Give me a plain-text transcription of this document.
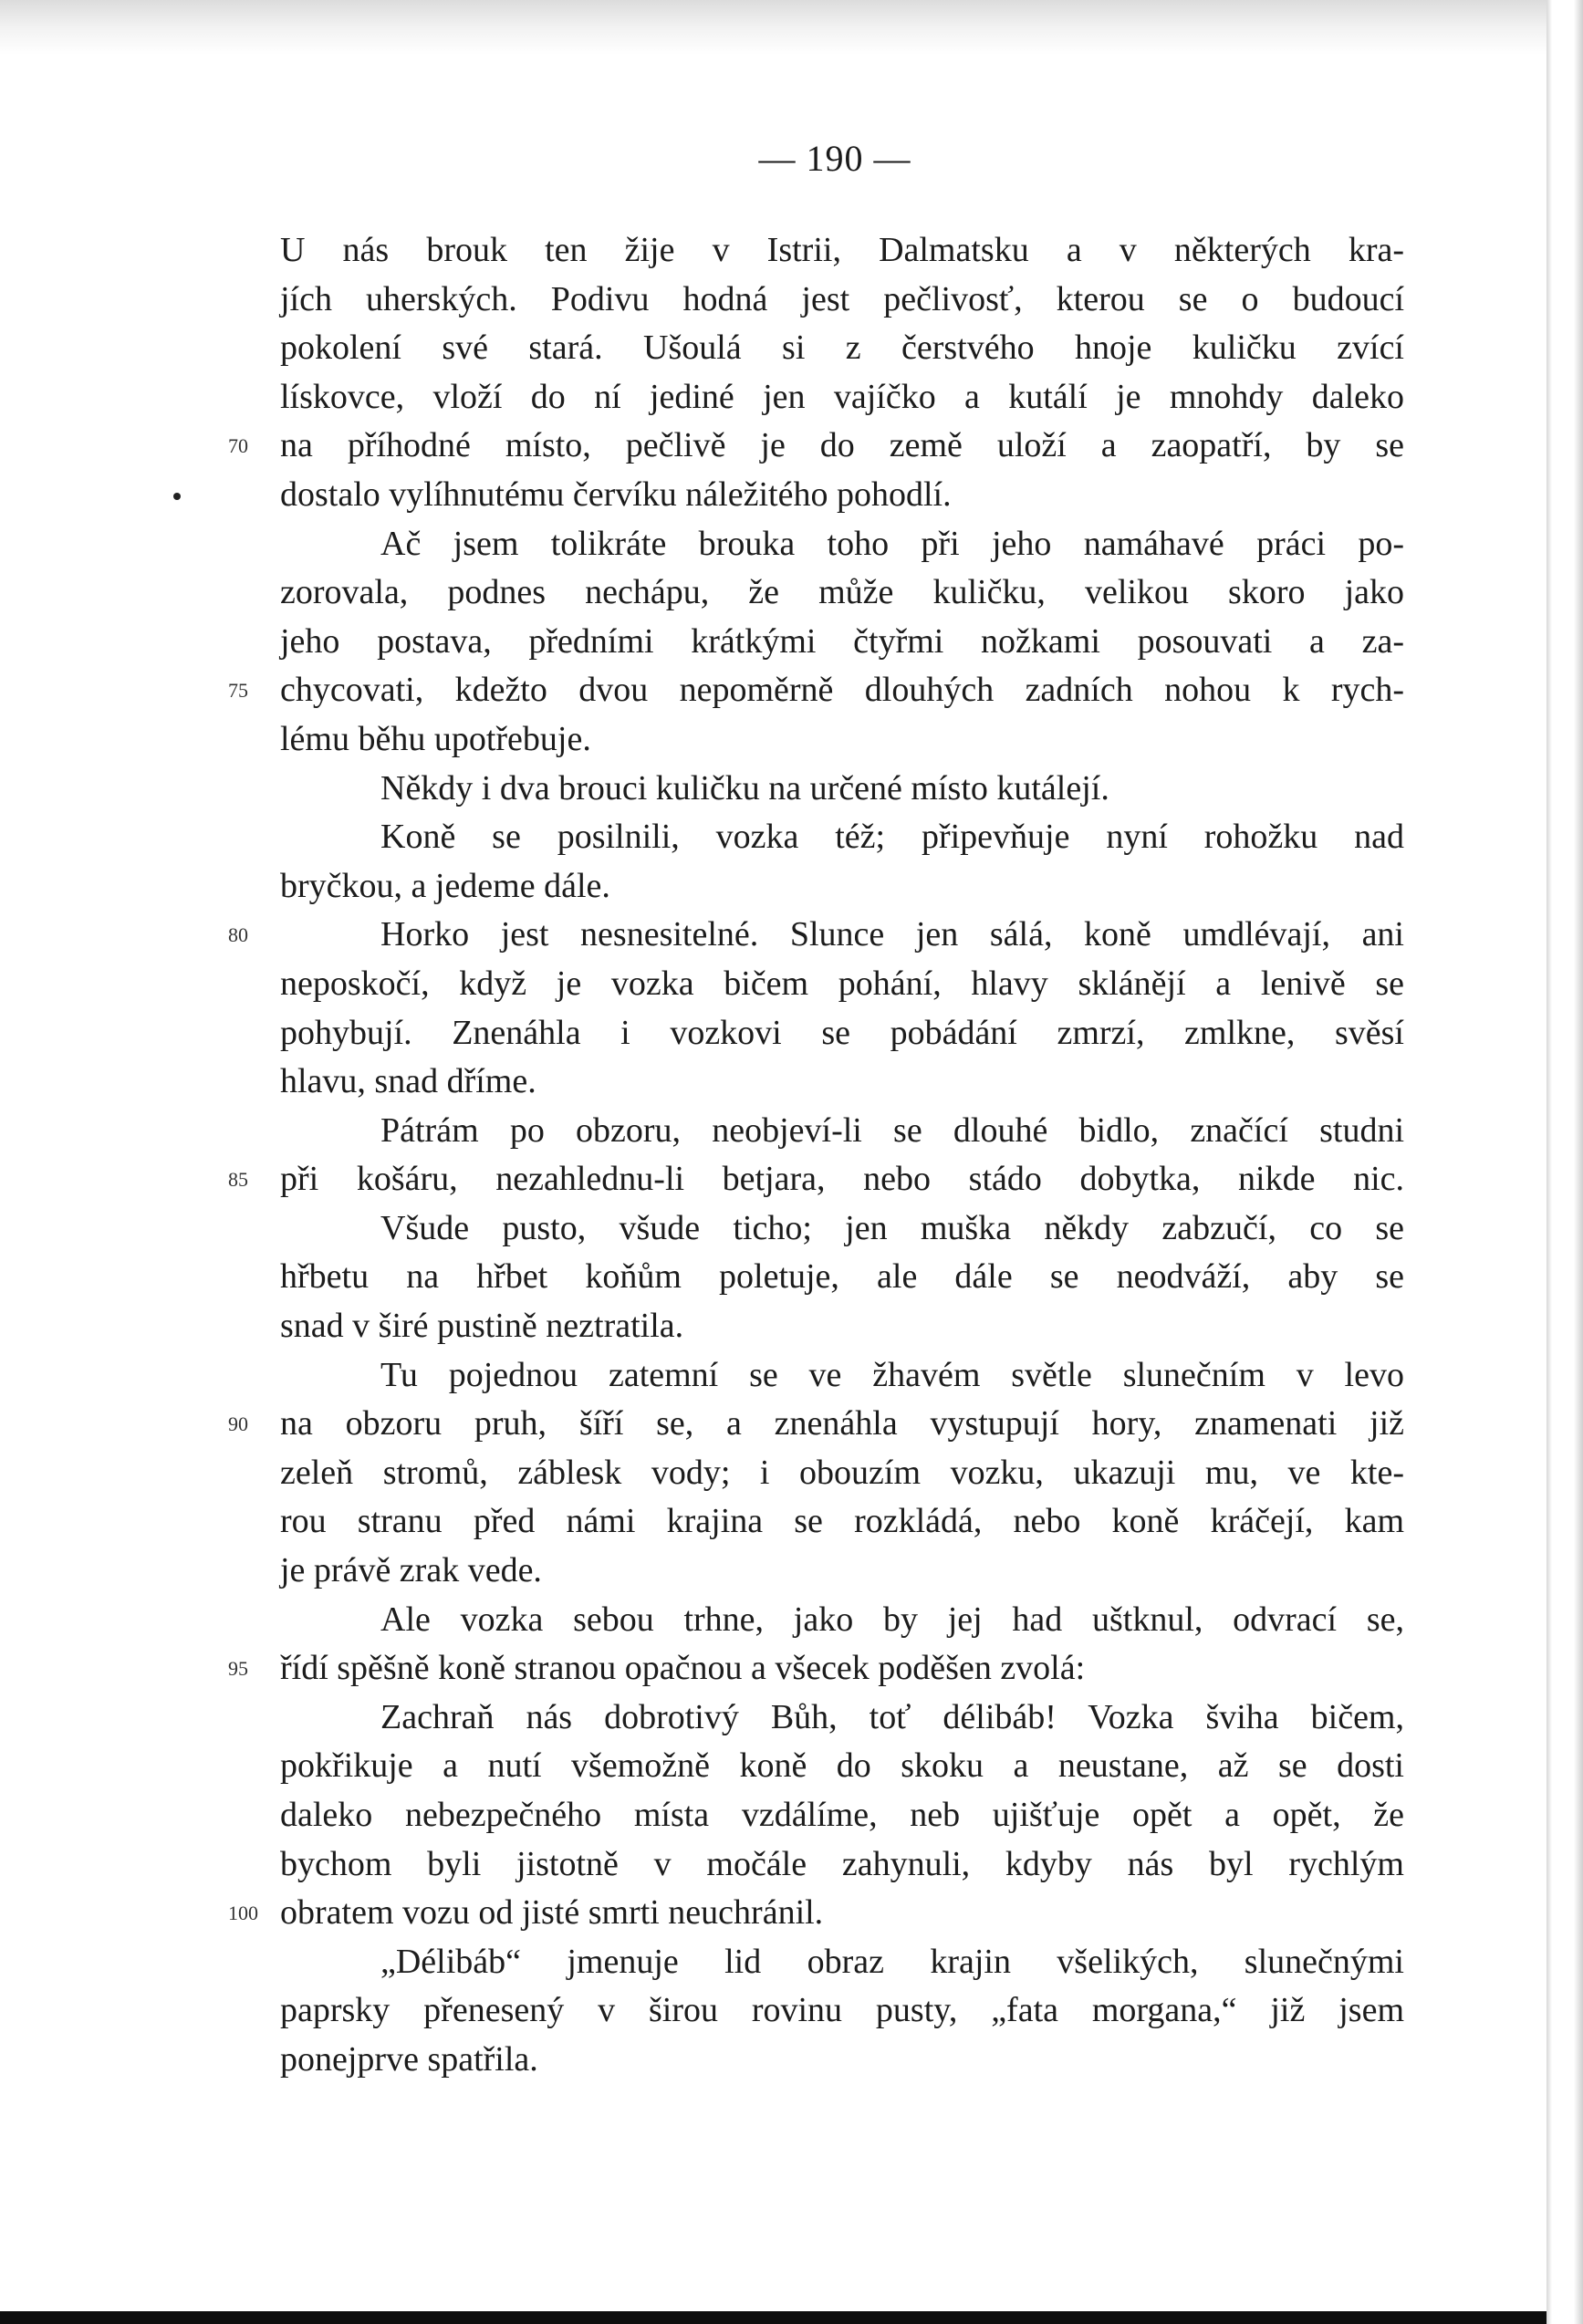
— 190 —
U nás brouk ten žije v Istrii, Dalmatsku a v některých kra-
jích uherských. Podivu hodná jest pečlivosť, kterou se o budoucí
pokolení své stará. Ušoulá si z čerstvého hnoje kuličku zvící
lískovce, vloží do ní jediné jen vajíčko a kutálí je mnohdy daleko
na příhodné místo, pečlivě je do země uloží a zaopatří, by se
dostalo vylíhnutému červíku náležitého pohodlí.
Ač jsem tolikráte brouka toho při jeho namáhavé práci po-
zorovala, podnes nechápu, že může kuličku, velikou skoro jako
jeho postava, předními krátkými čtyřmi nožkami posouvati a za-
chycovati, kdežto dvou nepoměrně dlouhých zadních nohou k rych-
lému běhu upotřebuje.
Někdy i dva brouci kuličku na určené místo kutálejí.
Koně se posilnili, vozka též; připevňuje nyní rohožku nad
bryčkou, a jedeme dále.
Horko jest nesnesitelné. Slunce jen sálá, koně umdlévají, ani
neposkočí, když je vozka bičem pohání, hlavy sklánějí a lenivě se
pohybují. Znenáhla i vozkovi se pobádání zmrzí, zmlkne, svěsí
hlavu, snad dříme.
Pátrám po obzoru, neobjeví-li se dlouhé bidlo, značící studni
při košáru, nezahlednu-li betjara, nebo stádo dobytka, nikde nic.
Všude pusto, všude ticho; jen muška někdy zabzučí, co se
hřbetu na hřbet koňům poletuje, ale dále se neodváží, aby se
snad v širé pustině neztratila.
Tu pojednou zatemní se ve žhavém světle slunečním v levo
na obzoru pruh, šíří se, a znenáhla vystupují hory, znamenati již
zeleň stromů, záblesk vody; i obouzím vozku, ukazuji mu, ve kte-
rou stranu před námi krajina se rozkládá, nebo koně kráčejí, kam
je právě zrak vede.
Ale vozka sebou trhne, jako by jej had uštknul, odvrací se,
řídí spěšně koně stranou opačnou a všecek poděšen zvolá:
Zachraň nás dobrotivý Bůh, toť délibáb! Vozka šviha bičem,
pokřikuje a nutí všemožně koně do skoku a neustane, až se dosti
daleko nebezpečného místa vzdálíme, neb ujišťuje opět a opět, že
bychom byli jistotně v močále zahynuli, kdyby nás byl rychlým
obratem vozu od jisté smrti neuchránil.
„Délibáb“ jmenuje lid obraz krajin všelikých, slunečnými
paprsky přenesený v širou rovinu pusty, „fata morgana,“ již jsem
ponejprve spatřila.
70
75
80
85
90
95
100
